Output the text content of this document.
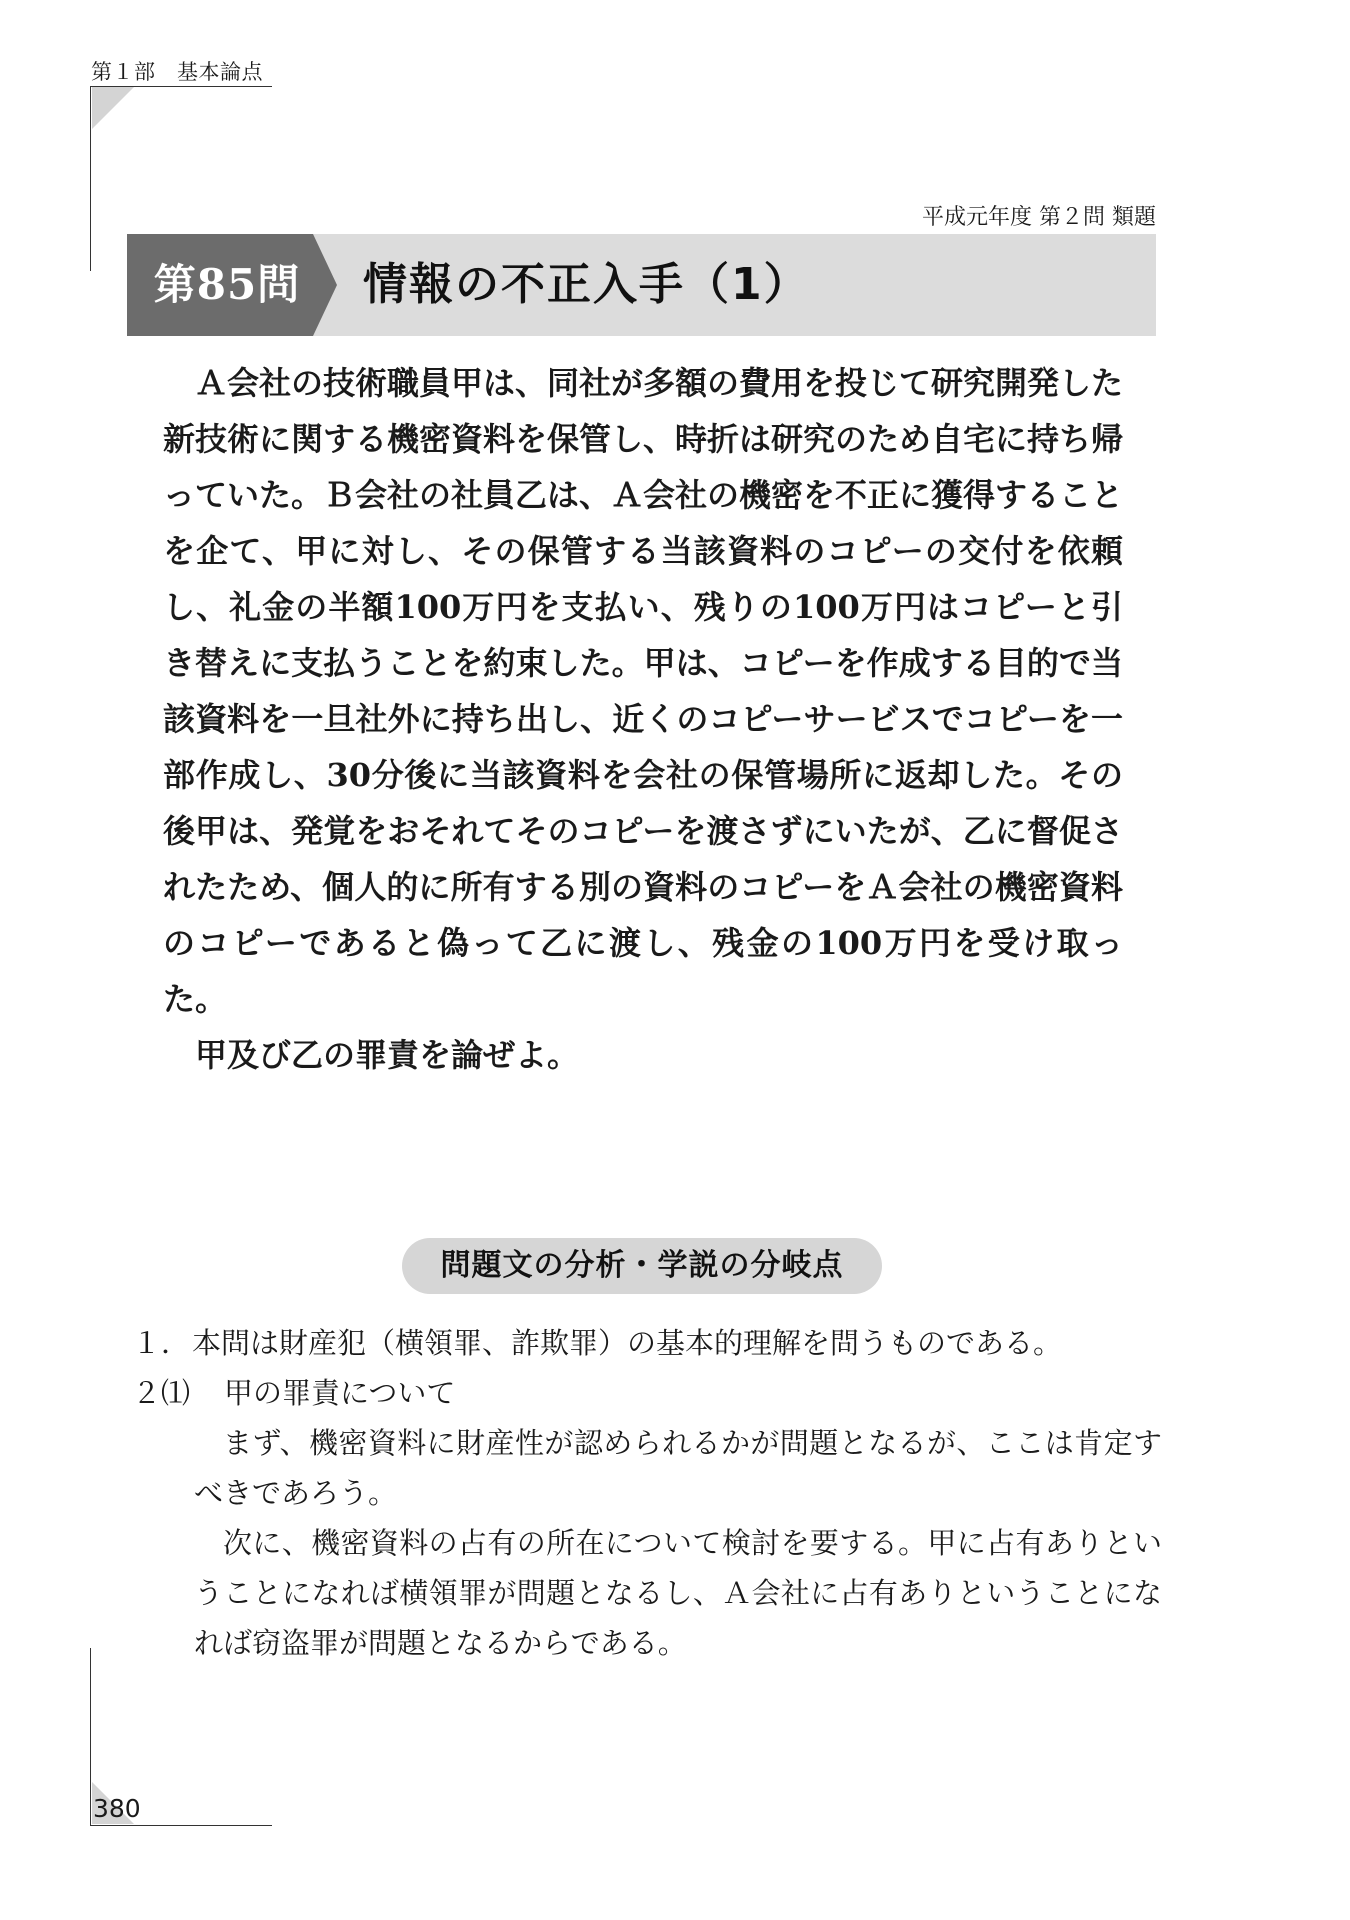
第１部　基本論点
平成元年度 第２問 類題
第85問	情報の不正入手（1）

Ａ会社の技術職員甲は、同社が多額の費用を投じて研究開発した新技術に関する機密資料を保管し、時折は研究のため自宅に持ち帰っていた。Ｂ会社の社員乙は、Ａ会社の機密を不正に獲得することを企て、甲に対し、その保管する当該資料のコピーの交付を依頼し、礼金の半額100万円を支払い、残りの100万円はコピーと引き替えに支払うことを約束した。甲は、コピーを作成する目的で当該資料を一旦社外に持ち出し、近くのコピーサービスでコピーを一部作成し、30分後に当該資料を会社の保管場所に返却した。その後甲は、発覚をおそれてそのコピーを渡さずにいたが、乙に督促されたため、個人的に所有する別の資料のコピーをＡ会社の機密資料のコピーであると偽って乙に渡し、残金の100万円を受け取った。

甲及び乙の罪責を論ぜよ。

問題文の分析・学説の分岐点
１． 本問は財産犯（横領罪、詐欺罪）の基本的理解を問うものである。
２⑴	甲の罪責について

まず、機密資料に財産性が認められるかが問題となるが、ここは肯定すべきであろう。

次に、機密資料の占有の所在について検討を要する。甲に占有ありということになれば横領罪が問題となるし、Ａ会社に占有ありということになれば窃盗罪が問題となるからである。

380
